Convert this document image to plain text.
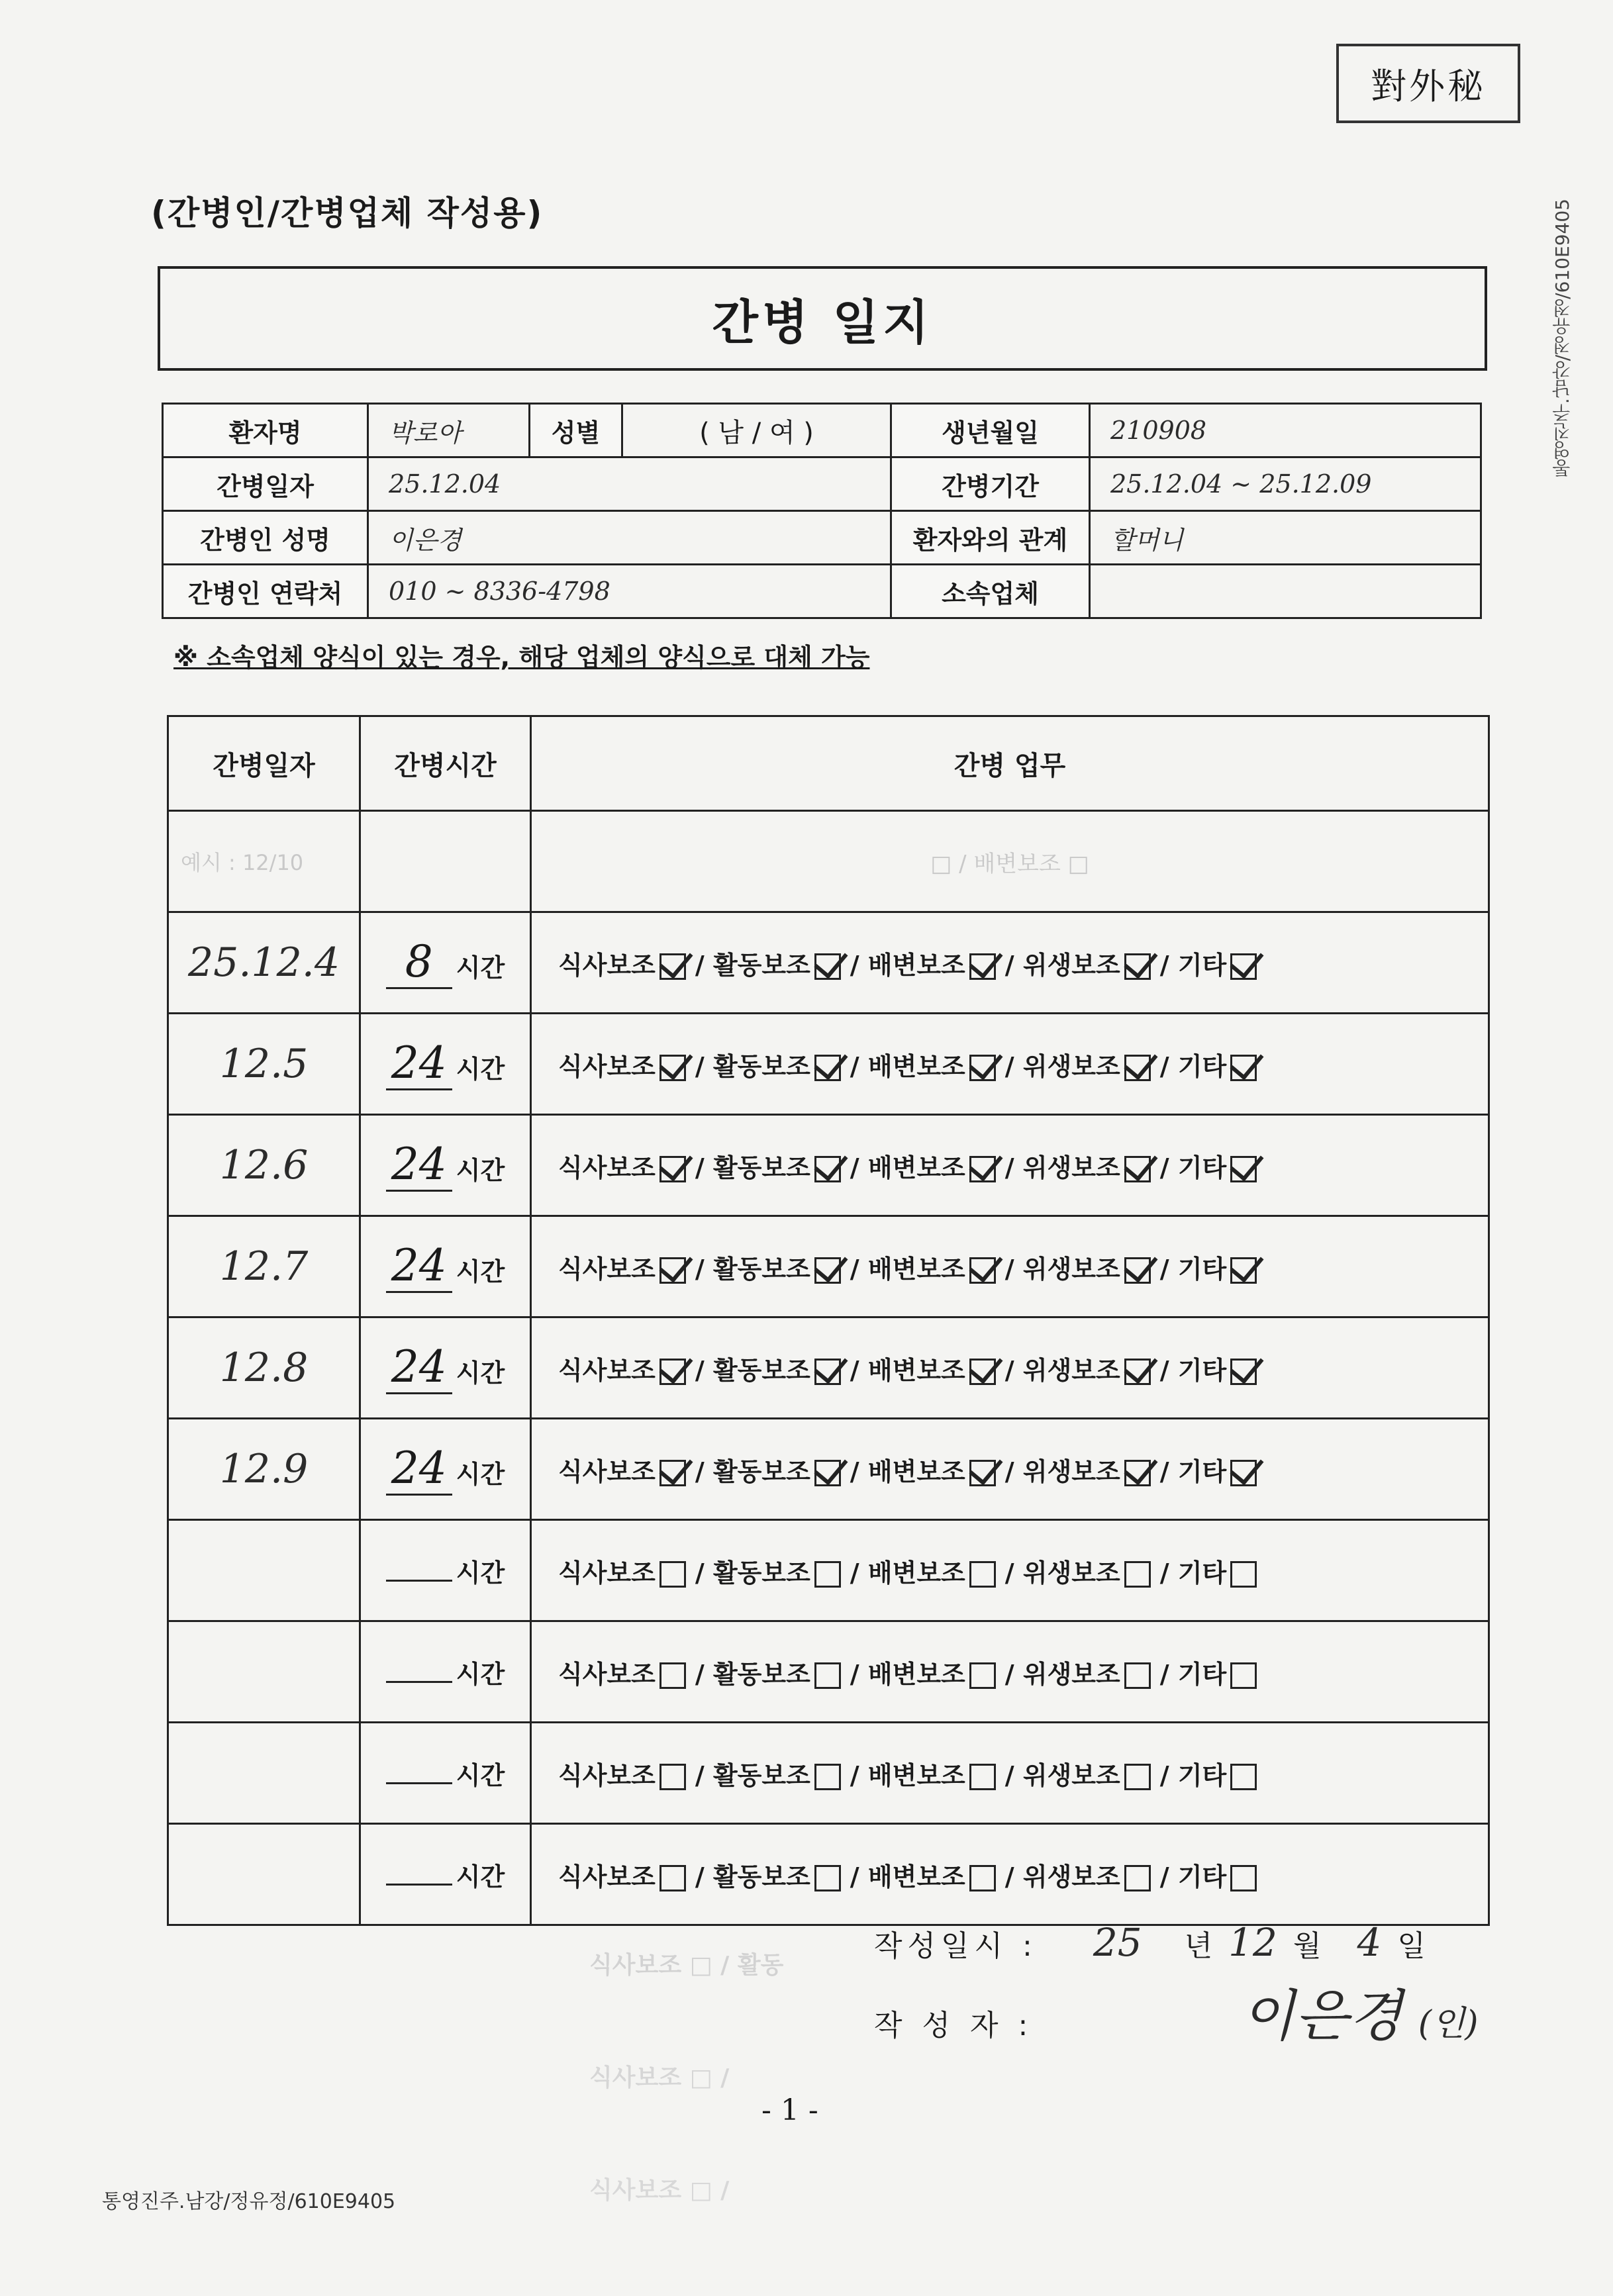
對外秘
(간병인/간병업체 작성용)	통영진주.남강/정유정/610E9405
간병 일지
환자명	박로아	성별	( 남 / 여 )	생년월일	210908
간병일자	25.12.04			간병기간	25.12.04 ~ 25.12.09
간병인 성명	이은경			환자와의 관계	할머니
간병인 연락처	010 ~ 8336-4798			소속업체	
※ 소속업체 양식이 있는 경우, 해당 업체의 양식으로 대체 가능
간병일자	간병시간	간병 업무
예시 : 12/10		□ / 배변보조 □
25.12.4	8 시간	식사보조 / 활동보조 / 배변보조 / 위생보조 / 기타
12.5	24 시간	식사보조 / 활동보조 / 배변보조 / 위생보조 / 기타
12.6	24 시간	식사보조 / 활동보조 / 배변보조 / 위생보조 / 기타
12.7	24 시간	식사보조 / 활동보조 / 배변보조 / 위생보조 / 기타
12.8	24 시간	식사보조 / 활동보조 / 배변보조 / 위생보조 / 기타
12.9	24 시간	식사보조 / 활동보조 / 배변보조 / 위생보조 / 기타
	시간	식사보조 / 활동보조 / 배변보조 / 위생보조 / 기타
	시간	식사보조 / 활동보조 / 배변보조 / 위생보조 / 기타
	시간	식사보조 / 활동보조 / 배변보조 / 위생보조 / 기타
	시간	식사보조 / 활동보조 / 배변보조 / 위생보조 / 기타
작성일시 : 25 년 12 월 4 일
작 성 자 :	이은경 (인)
식사보조 □ / 활동
식사보조 □ /
식사보조 □ /
- 1 -
통영진주.남강/정유정/610E9405
